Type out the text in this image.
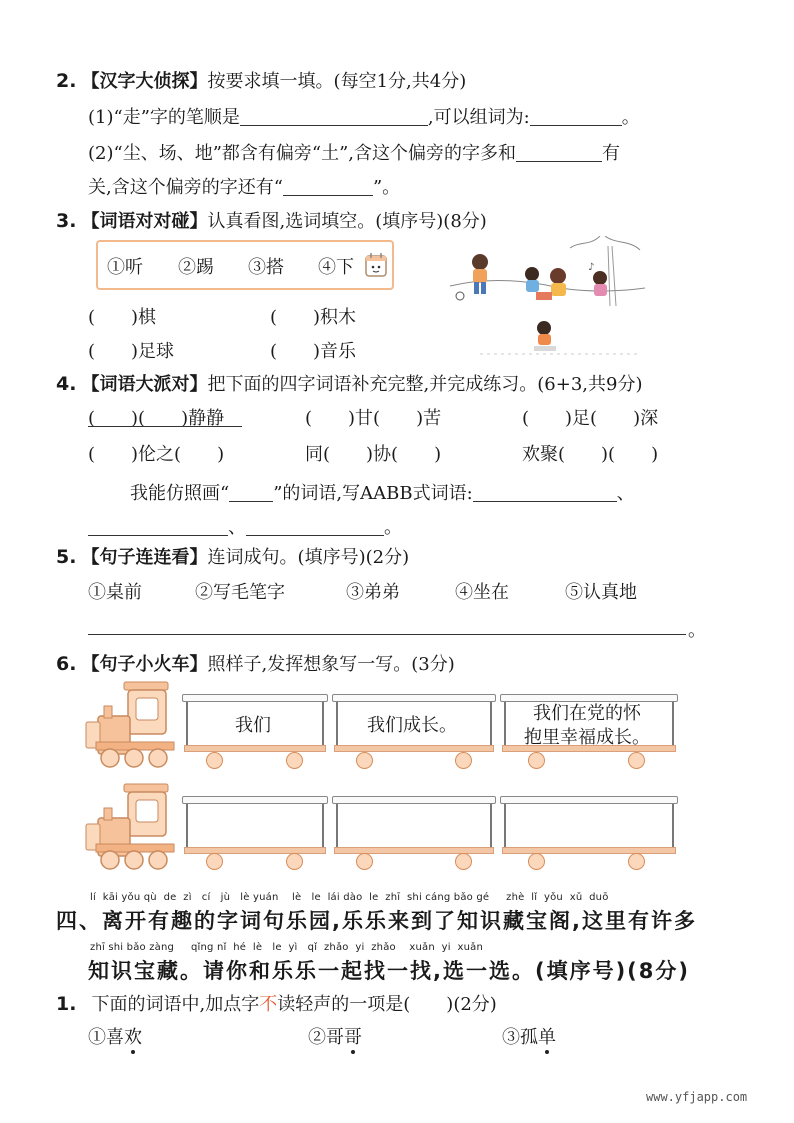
2. 【汉字大侦探】按要求填一填。(每空1分,共4分)
(1)“走”字的笔顺是	,可以组词为:	。
(2)“尘、场、地”都含有偏旁“土”,含这个偏旁的字多和	有
关,含这个偏旁的字还有“	”。
3. 【词语对对碰】认真看图,选词填空。(填序号)(8分)
①听 ②踢 ③搭 ④下
(　　)棋	(　　)积木
(　　)足球	(　　)音乐
♪
4. 【词语大派对】把下面的四字词语补充完整,并完成练习。(6+3,共9分)
(　　)(　　)静静	(　　)甘(　　)苦	(　　)足(　　)深
(　　)伦之(　　)	同(　　)协(　　)	欢聚(　　)(　　)
我能仿照画“ ”的词语,写AABB式词语:	、
、	。
5. 【句子连连看】连词成句。(填序号)(2分)
①桌前	②写毛笔字	③弟弟	④坐在	⑤认真地
。
6. 【句子小火车】照样子,发挥想象写一写。(3分)
我们	我们成长。
我们在党的怀
抱里幸福成长。
lí  kāi yǒu qù  de  zì   cí   jù   lè yuán    lè   le  lái dào  le  zhī  shi cáng bǎo gé     zhè  lǐ  yǒu  xǔ  duō
四、离开有趣的字词句乐园,乐乐来到了知识藏宝阁,这里有许多
zhī shi bǎo zàng     qǐng nǐ  hé  lè   le  yì   qǐ  zhǎo  yi  zhǎo    xuǎn  yi  xuǎn
知识宝藏。请你和乐乐一起找一找,选一选。(填序号)(8分)
1. 下面的词语中,加点字不读轻声的一项是(　　)(2分)
①喜欢	②哥哥	③孤单
www.yfjapp.com
